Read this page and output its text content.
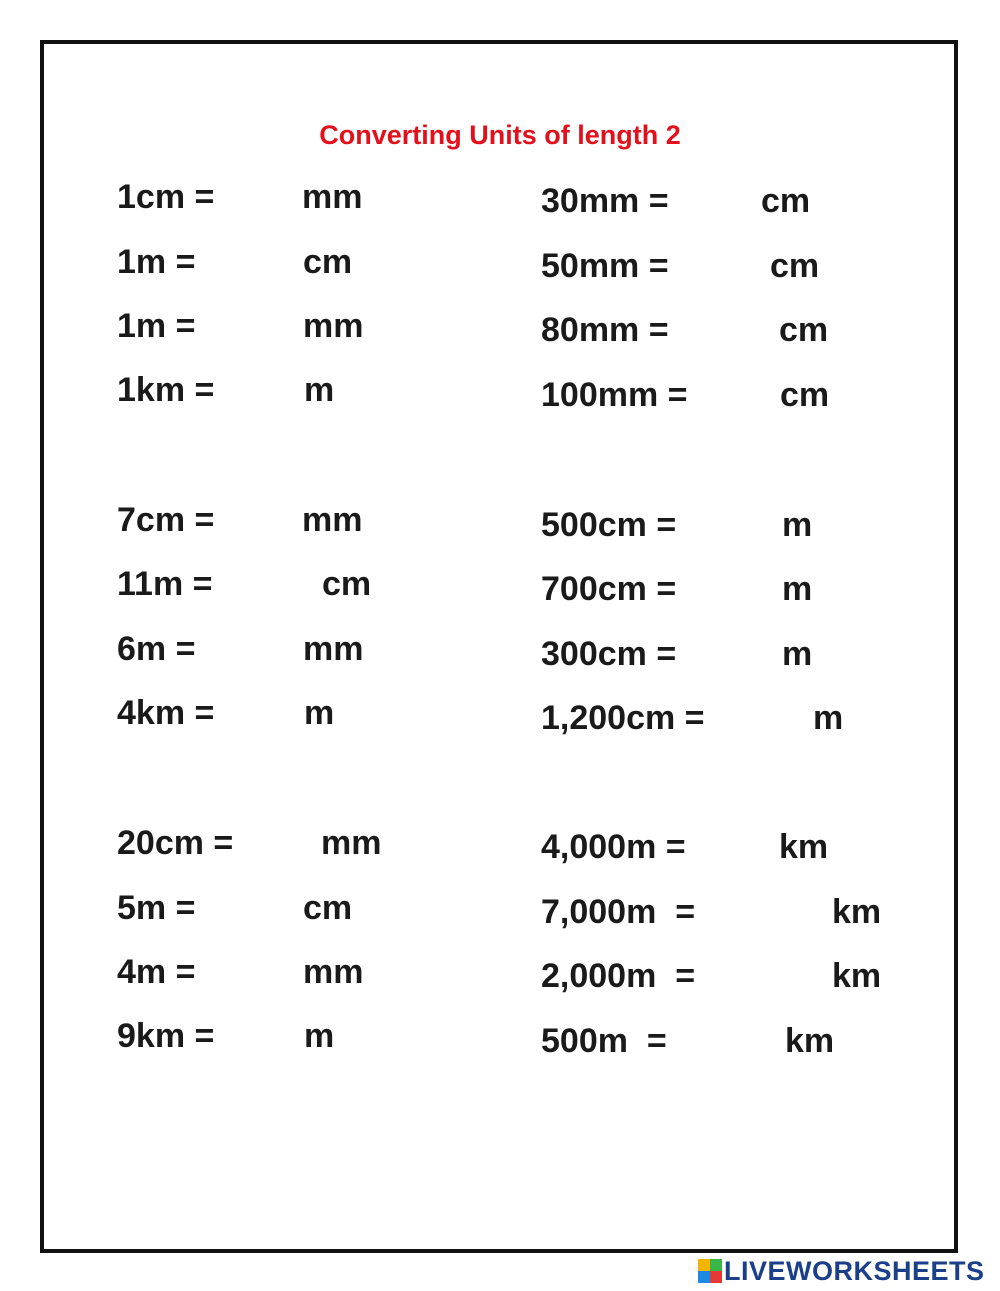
Converting Units of length 2
1cm =	mm
1m =	cm
1m =	mm
1km =	m
7cm =	mm
11m =	cm
6m =	mm
4km =	m
20cm =	mm
5m =	cm
4m =	mm
9km =	m
30mm =	cm
50mm =	cm
80mm =	cm
100mm =	cm
500cm =	m
700cm =	m
300cm =	m
1,200cm =	m
4,000m =	km
7,000m  =	km
2,000m  =	km
500m  =	km
LIVEWORKSHEETS
